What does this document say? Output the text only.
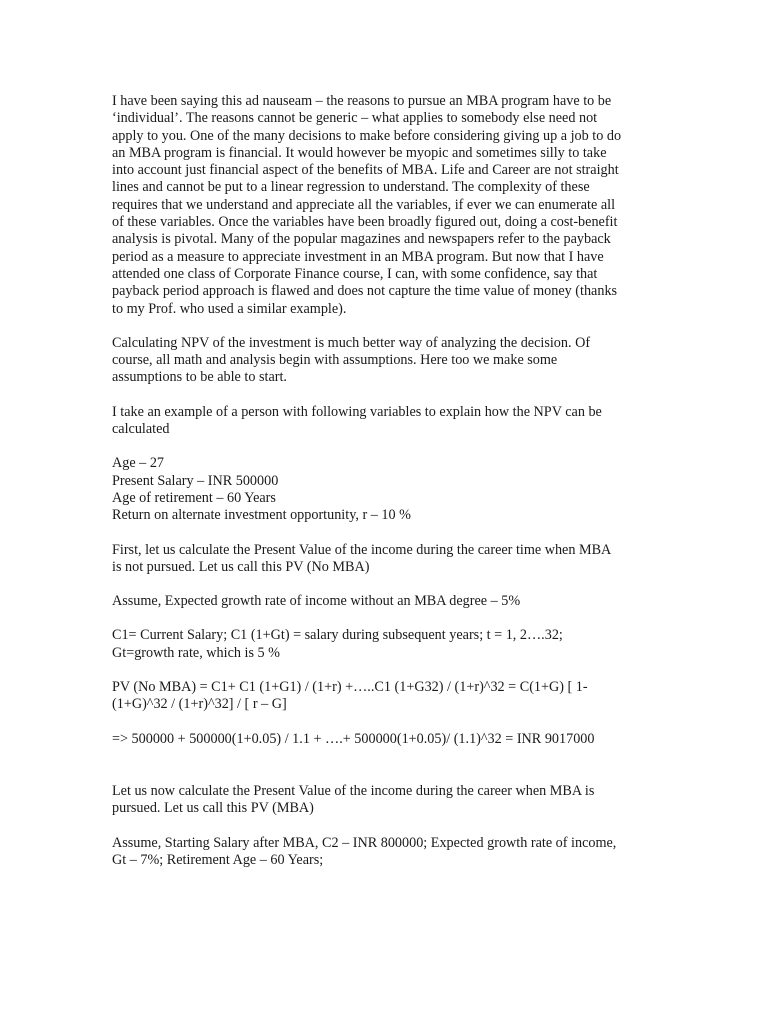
I have been saying this ad nauseam – the reasons to pursue an MBA program have to be
‘individual’. The reasons cannot be generic – what applies to somebody else need not
apply to you. One of the many decisions to make before considering giving up a job to do
an MBA program is financial. It would however be myopic and sometimes silly to take
into account just financial aspect of the benefits of MBA. Life and Career are not straight
lines and cannot be put to a linear regression to understand. The complexity of these
requires that we understand and appreciate all the variables, if ever we can enumerate all
of these variables. Once the variables have been broadly figured out, doing a cost-benefit
analysis is pivotal. Many of the popular magazines and newspapers refer to the payback
period as a measure to appreciate investment in an MBA program. But now that I have
attended one class of Corporate Finance course, I can, with some confidence, say that
payback period approach is flawed and does not capture the time value of money (thanks
to my Prof. who used a similar example).
Calculating NPV of the investment is much better way of analyzing the decision. Of
course, all math and analysis begin with assumptions. Here too we make some
assumptions to be able to start.
I take an example of a person with following variables to explain how the NPV can be
calculated
Age – 27
Present Salary – INR 500000
Age of retirement – 60 Years
Return on alternate investment opportunity, r – 10 %
First, let us calculate the Present Value of the income during the career time when MBA
is not pursued. Let us call this PV (No MBA)
Assume, Expected growth rate of income without an MBA degree – 5%
C1= Current Salary; C1 (1+Gt) = salary during subsequent years; t = 1, 2….32;
Gt=growth rate, which is 5 %
PV (No MBA) = C1+ C1 (1+G1) / (1+r) +…..C1 (1+G32) / (1+r)^32 = C(1+G) [ 1-
(1+G)^32 / (1+r)^32] / [ r – G]
=> 500000 + 500000(1+0.05) / 1.1 + ….+ 500000(1+0.05)/ (1.1)^32 = INR 9017000
Let us now calculate the Present Value of the income during the career when MBA is
pursued. Let us call this PV (MBA)
Assume, Starting Salary after MBA, C2 – INR 800000; Expected growth rate of income,
Gt – 7%; Retirement Age – 60 Years;
